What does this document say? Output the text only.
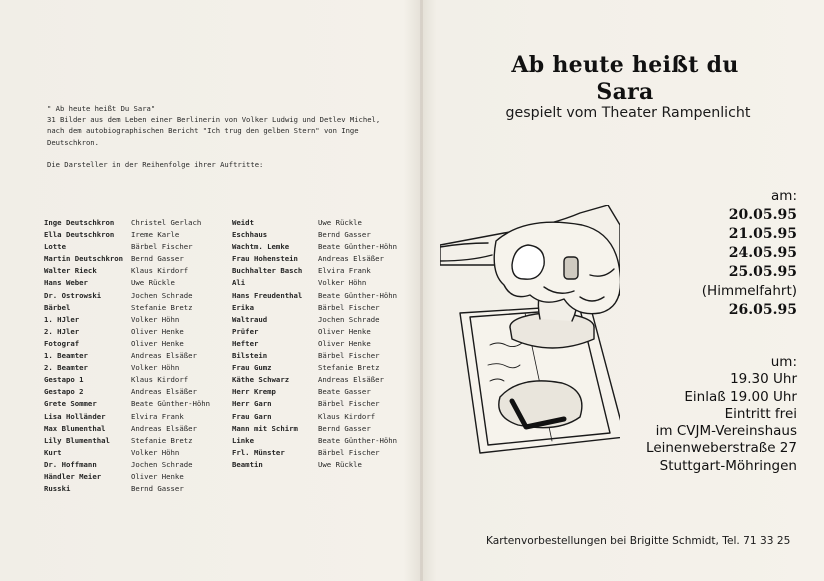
" Ab heute heißt Du Sara"
31 Bilder aus dem Leben einer Berlinerin von Volker Ludwig und Detlev Michel,
nach dem autobiographischen Bericht "Ich trug den gelben Stern" von Inge
Deutschkron.
Die Darsteller in der Reihenfolge ihrer Auftritte:
Inge Deutschkron
Ella Deutschkron
Lotte
Martin Deutschkron
Walter Rieck
Hans Weber
Dr. Ostrowski
Bärbel
1. HJler
2. HJler
Fotograf
1. Beamter
2. Beamter
Gestapo 1
Gestapo 2
Grete Sommer
Lisa Holländer
Max Blumenthal
Lily Blumenthal
Kurt
Dr. Hoffmann
Händler Meier
Russki
Christel Gerlach
Ireme Karle
Bärbel Fischer
Bernd Gasser
Klaus Kirdorf
Uwe Rückle
Jochen Schrade
Stefanie Bretz
Volker Höhn
Oliver Henke
Oliver Henke
Andreas Elsäßer
Volker Höhn
Klaus Kirdorf
Andreas Elsäßer
Beate Günther-Höhn
Elvira Frank
Andreas Elsäßer
Stefanie Bretz
Volker Höhn
Jochen Schrade
Oliver Henke
Bernd Gasser
Weidt
Eschhaus
Wachtm. Lemke
Frau Hohenstein
Buchhalter Basch
Ali
Hans Freudenthal
Erika
Waltraud
Prüfer
Hefter
Bilstein
Frau Gumz
Käthe Schwarz
Herr Kremp
Herr Garn
Frau Garn
Mann mit Schirm
Linke
Frl. Münster
Beamtin
Uwe Rückle
Bernd Gasser
Beate Günther-Höhn
Andreas Elsäßer
Elvira Frank
Volker Höhn
Beate Günther-Höhn
Bärbel Fischer
Jochen Schrade
Oliver Henke
Oliver Henke
Bärbel Fischer
Stefanie Bretz
Andreas Elsäßer
Beate Gasser
Bärbel Fischer
Klaus Kirdorf
Bernd Gasser
Beate Günther-Höhn
Bärbel Fischer
Uwe Rückle
Ab heute heißt du
Sara
gespielt vom Theater Rampenlicht
am:
20.05.95
21.05.95
24.05.95
25.05.95
(Himmelfahrt)
26.05.95
um:
19.30 Uhr
Einlaß 19.00 Uhr
Eintritt frei
im CVJM-Vereinshaus
Leinenweberstraße 27
Stuttgart-Möhringen
Kartenvorbestellungen bei Brigitte Schmidt, Tel. 71 33 25
